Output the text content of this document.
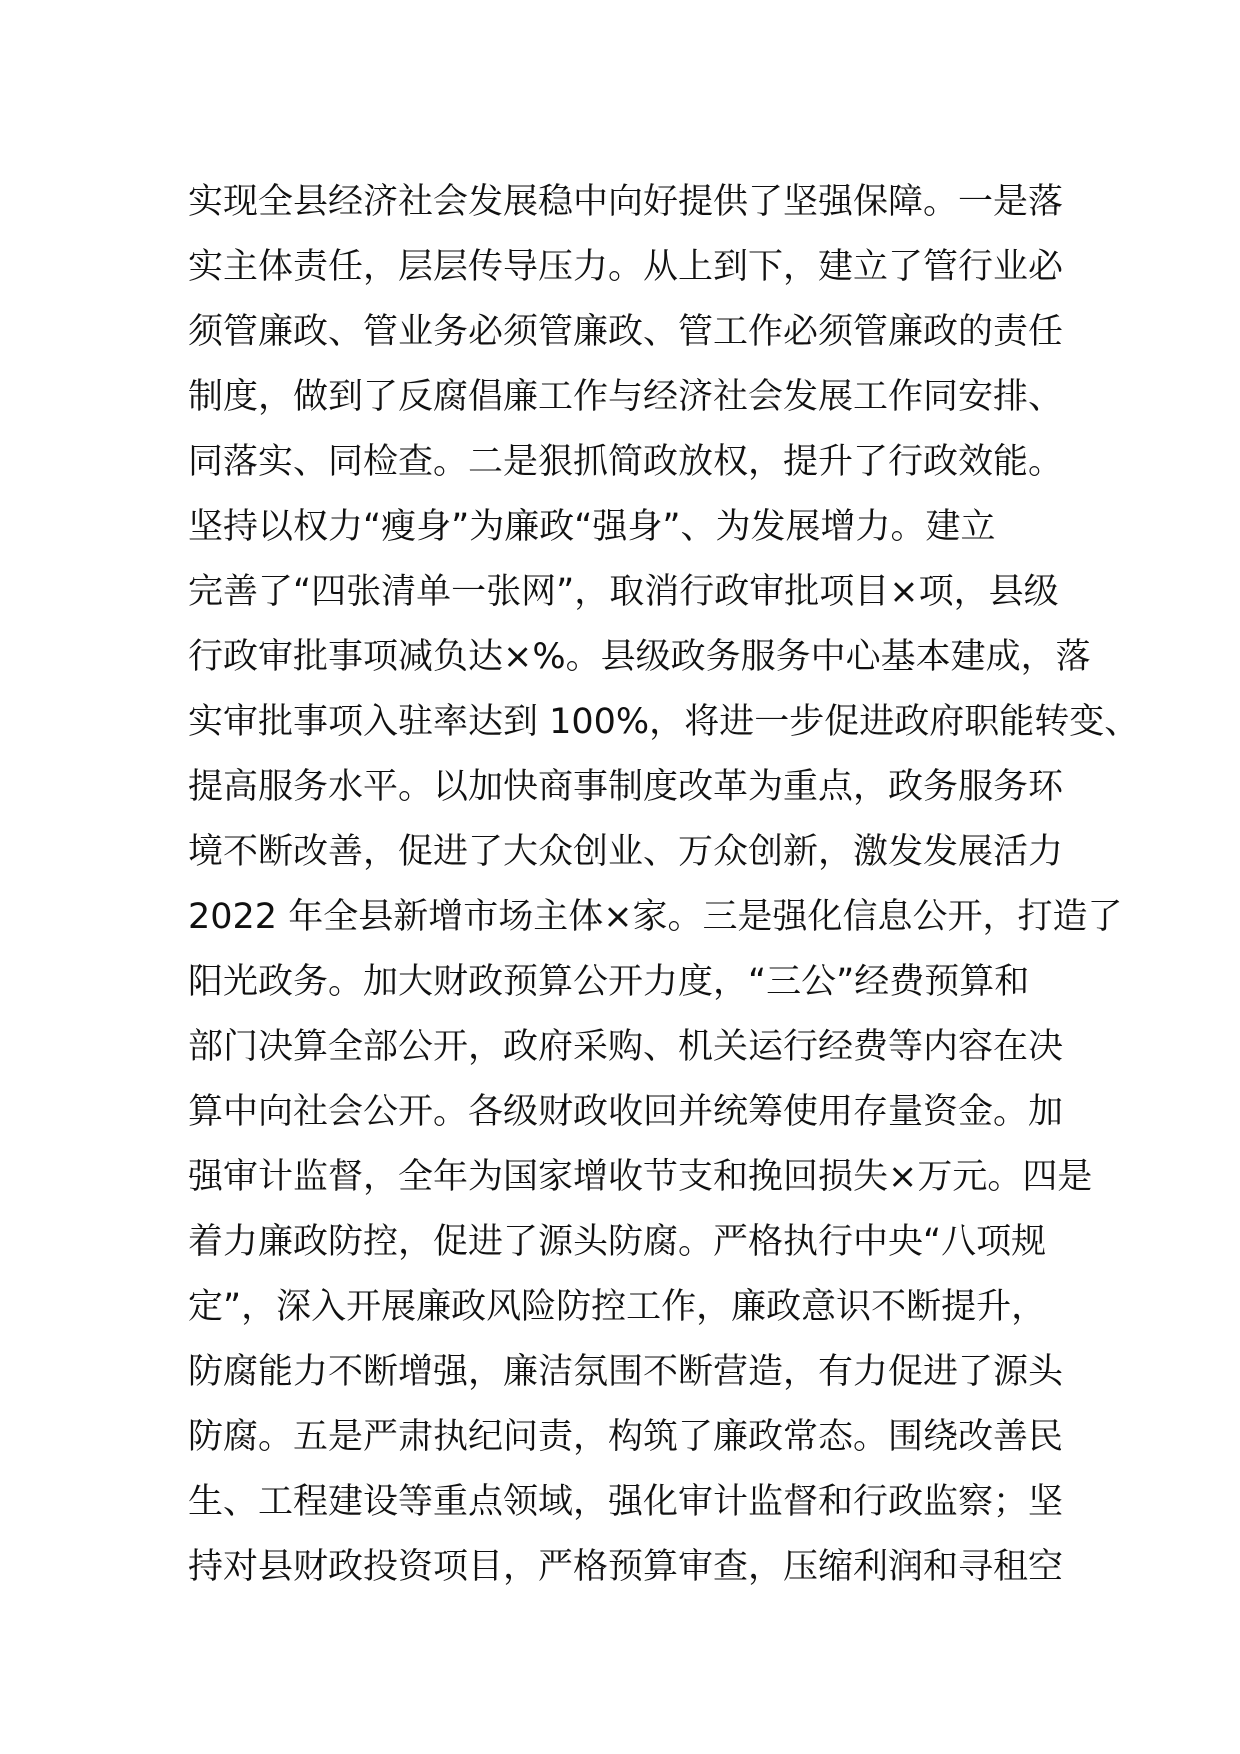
实现全县经济社会发展稳中向好提供了坚强保障。一是落
实主体责任，层层传导压力。从上到下，建立了管行业必
须管廉政、管业务必须管廉政、管工作必须管廉政的责任
制度，做到了反腐倡廉工作与经济社会发展工作同安排、
同落实、同检查。二是狠抓简政放权，提升了行政效能。
坚持以权力“瘦身”为廉政“强身”、为发展增力。建立
完善了“四张清单一张网”，取消行政审批项目×项，县级
行政审批事项减负达×%。县级政务服务中心基本建成，落
实审批事项入驻率达到 100%，将进一步促进政府职能转变、
提高服务水平。以加快商事制度改革为重点，政务服务环
境不断改善，促进了大众创业、万众创新，激发发展活力
2022 年全县新增市场主体×家。三是强化信息公开，打造了
阳光政务。加大财政预算公开力度，“三公”经费预算和
部门决算全部公开，政府采购、机关运行经费等内容在决
算中向社会公开。各级财政收回并统筹使用存量资金。加
强审计监督，全年为国家增收节支和挽回损失×万元。四是
着力廉政防控，促进了源头防腐。严格执行中央“八项规
定”，深入开展廉政风险防控工作，廉政意识不断提升，
防腐能力不断增强，廉洁氛围不断营造，有力促进了源头
防腐。五是严肃执纪问责，构筑了廉政常态。围绕改善民
生、工程建设等重点领域，强化审计监督和行政监察；坚
持对县财政投资项目，严格预算审查，压缩利润和寻租空
